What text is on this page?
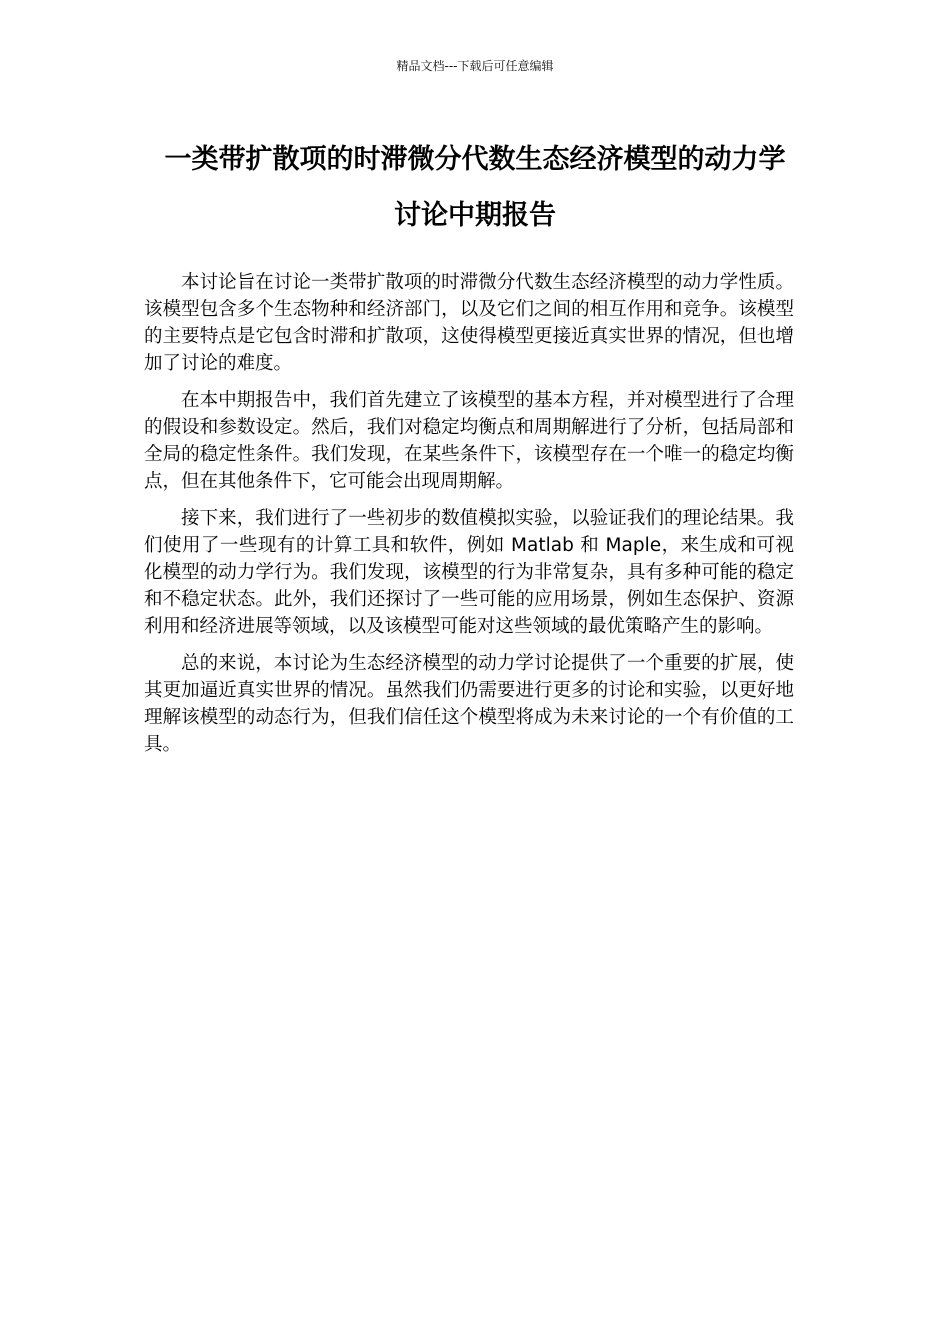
精品文档---下载后可任意编辑
一类带扩散项的时滞微分代数生态经济模型的动力学
讨论中期报告

本讨论旨在讨论一类带扩散项的时滞微分代数生态经济模型的动力学性质。该模型包含多个生态物种和经济部门，以及它们之间的相互作用和竞争。该模型的主要特点是它包含时滞和扩散项，这使得模型更接近真实世界的情况，但也增加了讨论的难度。

在本中期报告中，我们首先建立了该模型的基本方程，并对模型进行了合理的假设和参数设定。然后，我们对稳定均衡点和周期解进行了分析，包括局部和全局的稳定性条件。我们发现，在某些条件下，该模型存在一个唯一的稳定均衡点，但在其他条件下，它可能会出现周期解。

接下来，我们进行了一些初步的数值模拟实验，以验证我们的理论结果。我们使用了一些现有的计算工具和软件，例如 Matlab 和 Maple，来生成和可视化模型的动力学行为。我们发现，该模型的行为非常复杂，具有多种可能的稳定和不稳定状态。此外，我们还探讨了一些可能的应用场景，例如生态保护、资源利用和经济进展等领域，以及该模型可能对这些领域的最优策略产生的影响。

总的来说，本讨论为生态经济模型的动力学讨论提供了一个重要的扩展，使其更加逼近真实世界的情况。虽然我们仍需要进行更多的讨论和实验，以更好地理解该模型的动态行为，但我们信任这个模型将成为未来讨论的一个有价值的工具。
